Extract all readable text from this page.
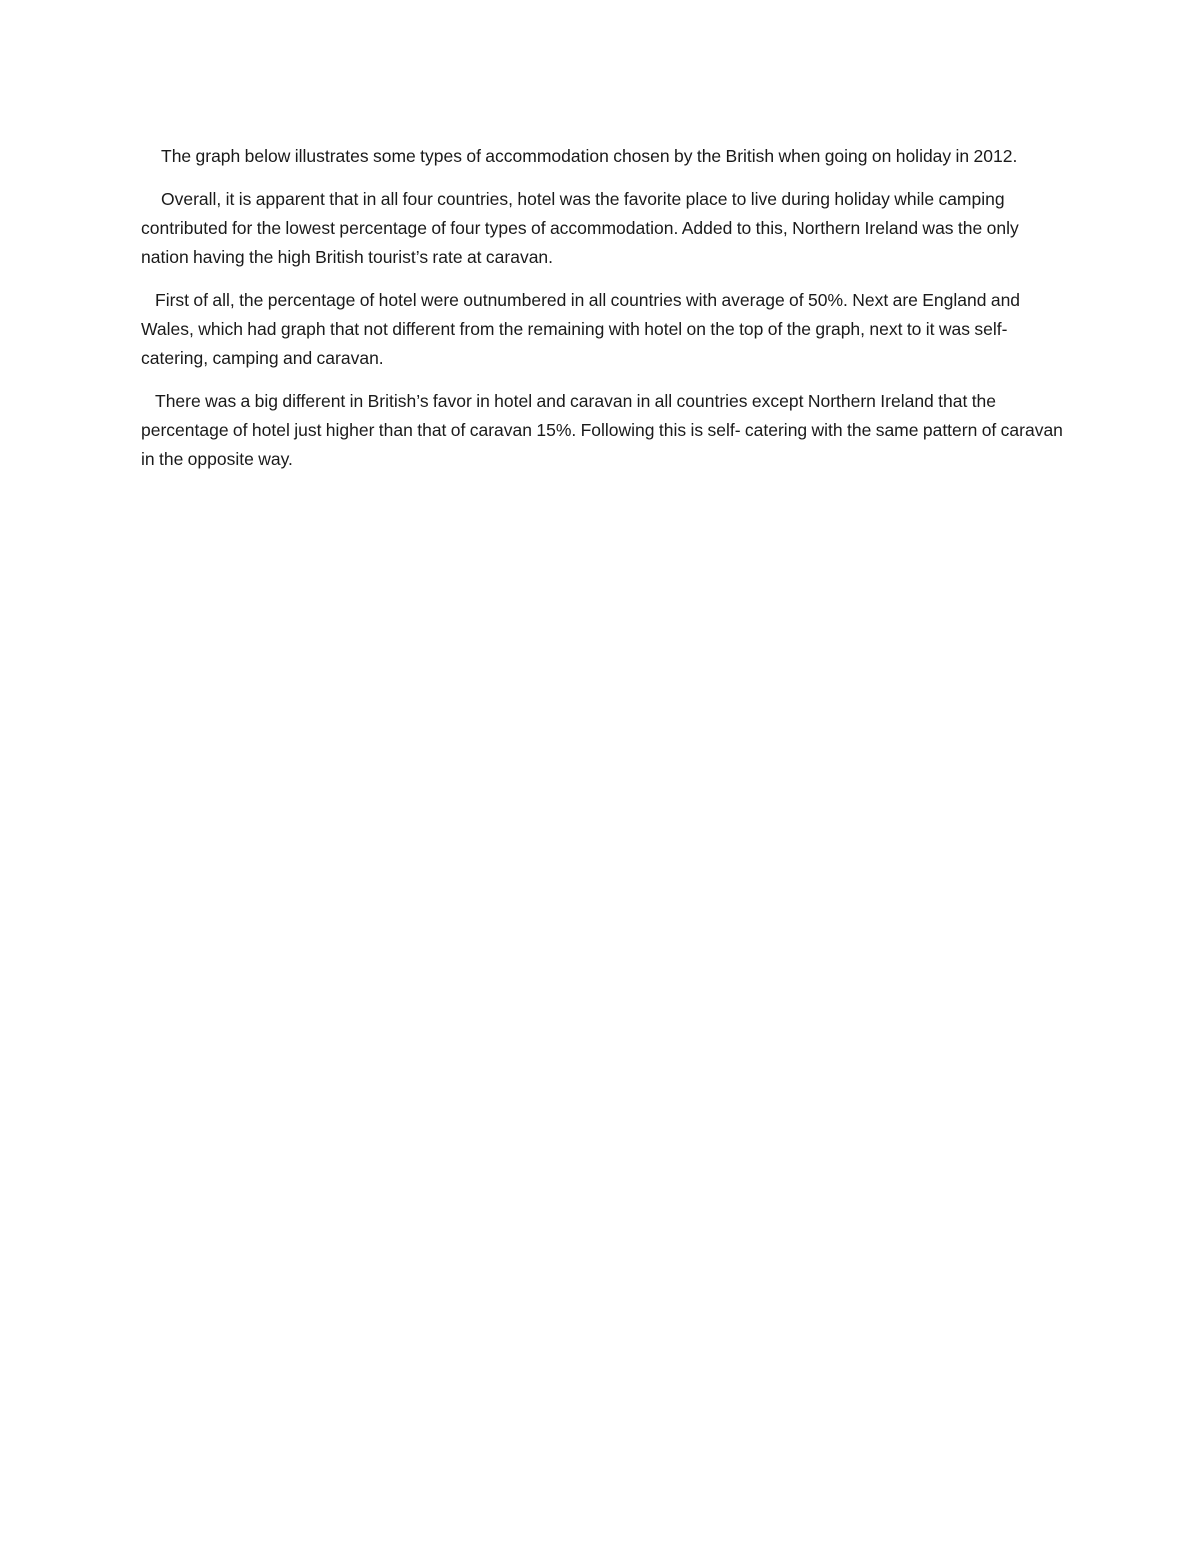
The graph below illustrates some types of accommodation chosen by the British when going on holiday in 2012.

Overall, it is apparent that in all four countries, hotel was the favorite place to live during holiday while camping contributed for the lowest percentage of four types of accommodation. Added to this, Northern Ireland was the only nation having the high British tourist’s rate at caravan.

First of all, the percentage of hotel were outnumbered in all countries with average of 50%. Next are England and Wales, which had graph that not different from the remaining with hotel on the top of the graph, next to it was self-catering, camping and caravan.

There was a big different in British’s favor in hotel and caravan in all countries except Northern Ireland that the percentage of hotel just higher than that of caravan 15%. Following this is self- catering with the same pattern of caravan in the opposite way.
